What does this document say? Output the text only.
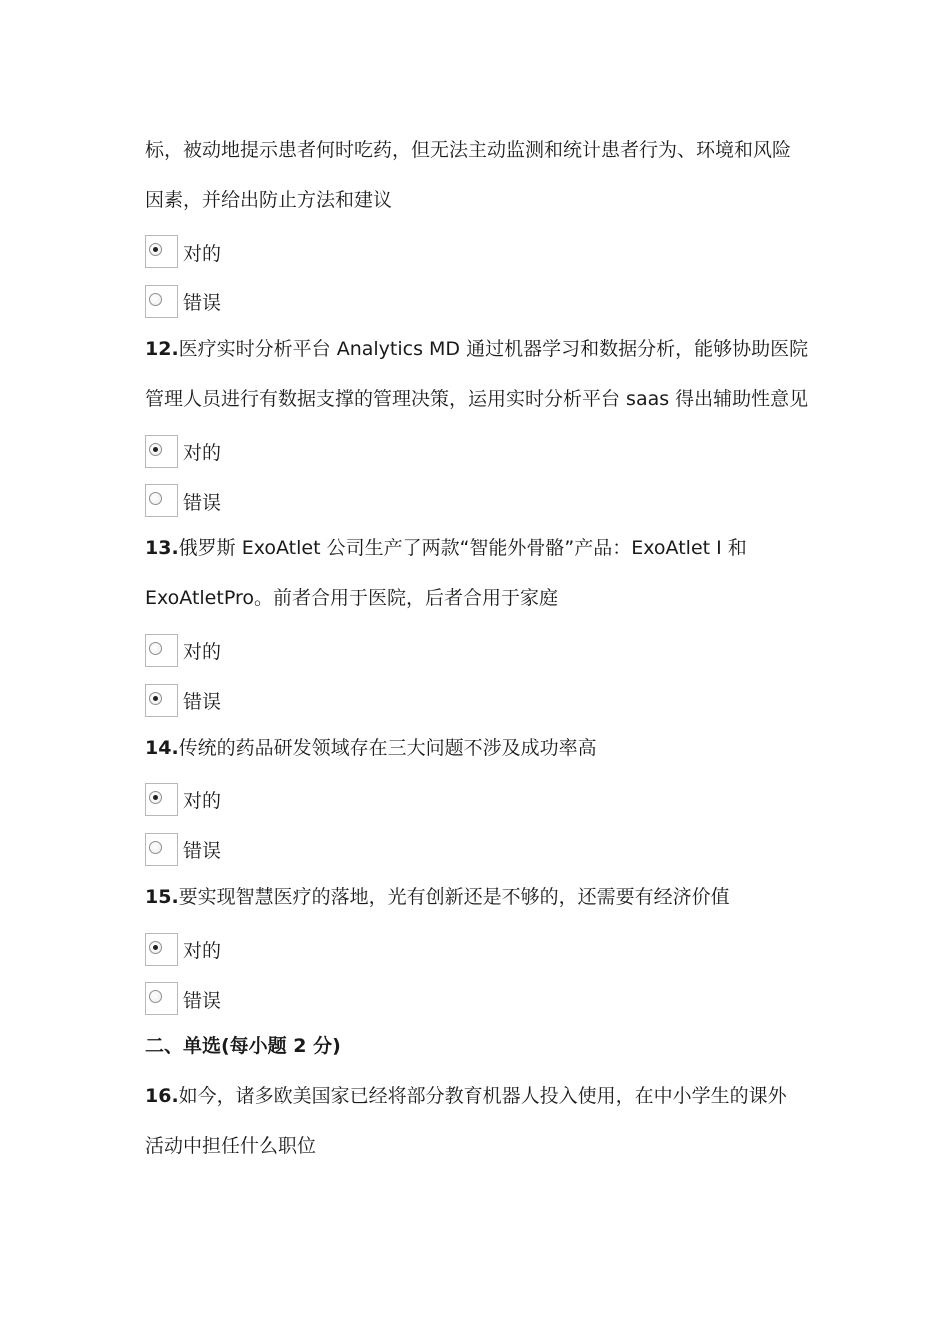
标，被动地提示患者何时吃药，但无法主动监测和统计患者行为、环境和风险
因素，并给出防止方法和建议
对的
错误
12.医疗实时分析平台 Analytics MD 通过机器学习和数据分析，能够协助医院
管理人员进行有数据支撑的管理决策，运用实时分析平台 saas 得出辅助性意见
对的
错误
13.俄罗斯 ExoAtlet 公司生产了两款“智能外骨骼”产品：ExoAtlet Ⅰ 和
ExoAtletPro。前者合用于医院，后者合用于家庭
对的
错误
14.传统的药品研发领域存在三大问题不涉及成功率高
对的
错误
15.要实现智慧医疗的落地，光有创新还是不够的，还需要有经济价值
对的
错误
二、单选(每小题 2 分)
16.如今，诸多欧美国家已经将部分教育机器人投入使用，在中小学生的课外
活动中担任什么职位
